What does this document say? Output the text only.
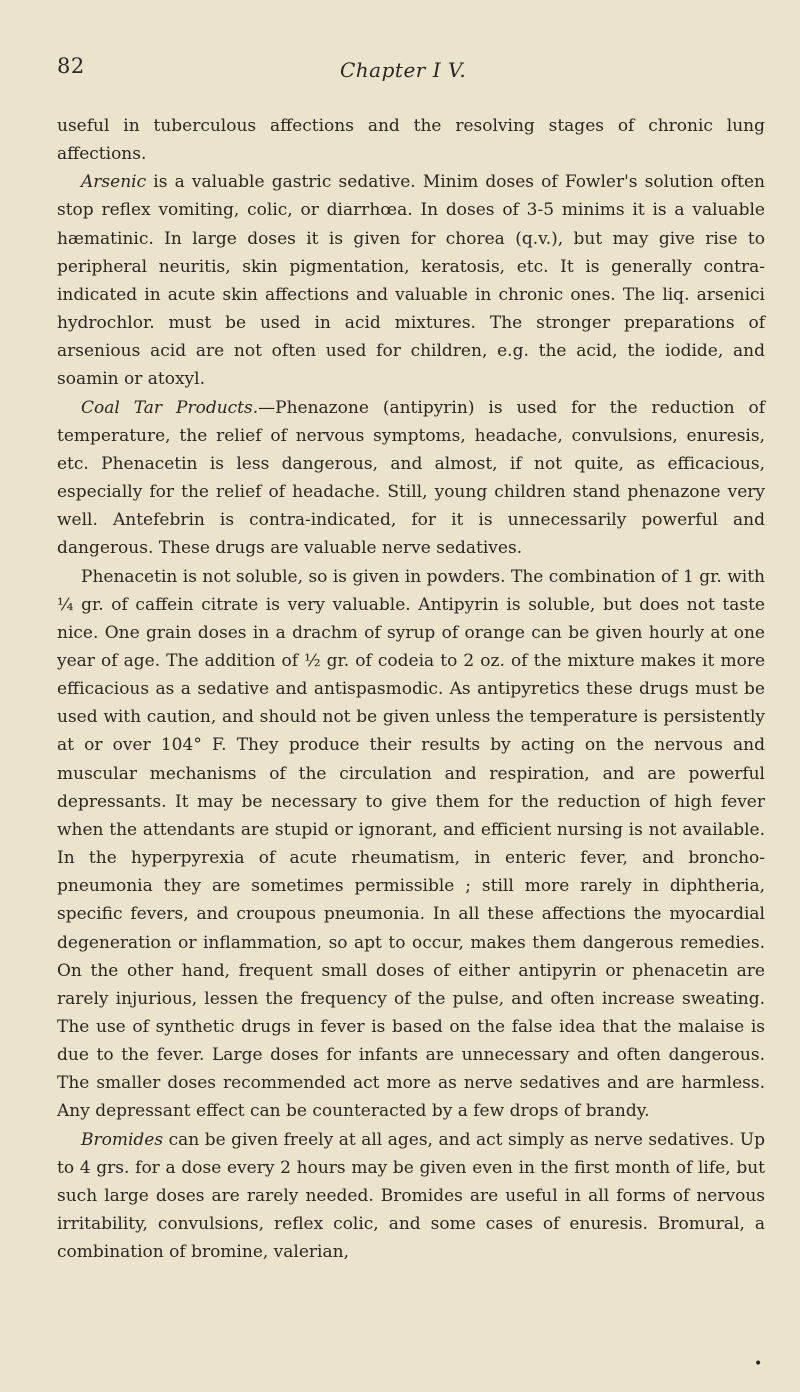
82	Chapter I V.

useful in tuberculous affections and the resolving stages of chronic lung affections.

Arsenic is a valuable gastric sedative. Minim doses of Fowler's solution often stop reflex vomiting, colic, or diarrhœa. In doses of 3-5 minims it is a valuable hæmatinic. In large doses it is given for chorea (q.v.), but may give rise to peripheral neuritis, skin pigmentation, keratosis, etc. It is generally contra-indicated in acute skin affections and valuable in chronic ones. The liq. arsenici hydrochlor. must be used in acid mixtures. The stronger preparations of arsenious acid are not often used for children, e.g. the acid, the iodide, and soamin or atoxyl.

Coal Tar Products.—Phenazone (antipyrin) is used for the reduction of temperature, the relief of nervous symptoms, headache, convulsions, enuresis, etc. Phenacetin is less dangerous, and almost, if not quite, as efficacious, especially for the relief of headache. Still, young children stand phenazone very well. Antefebrin is contra-indicated, for it is unnecessarily powerful and dangerous. These drugs are valuable nerve sedatives.

Phenacetin is not soluble, so is given in powders. The combination of 1 gr. with ¼ gr. of caffein citrate is very valuable. Antipyrin is soluble, but does not taste nice. One grain doses in a drachm of syrup of orange can be given hourly at one year of age. The addition of ½ gr. of codeia to 2 oz. of the mixture makes it more efficacious as a sedative and antispasmodic. As antipyretics these drugs must be used with caution, and should not be given unless the temperature is persistently at or over 104° F. They produce their results by acting on the nervous and muscular mechanisms of the circulation and respiration, and are powerful depressants. It may be necessary to give them for the reduction of high fever when the attendants are stupid or ignorant, and efficient nursing is not available. In the hyperpyrexia of acute rheumatism, in enteric fever, and broncho-pneumonia they are sometimes permissible ; still more rarely in diphtheria, specific fevers, and croupous pneumonia. In all these affections the myocardial degeneration or inflammation, so apt to occur, makes them dangerous remedies. On the other hand, frequent small doses of either antipyrin or phenacetin are rarely injurious, lessen the frequency of the pulse, and often increase sweating. The use of synthetic drugs in fever is based on the false idea that the malaise is due to the fever. Large doses for infants are unnecessary and often dangerous. The smaller doses recommended act more as nerve sedatives and are harmless. Any depressant effect can be counteracted by a few drops of brandy.

Bromides can be given freely at all ages, and act simply as nerve sedatives. Up to 4 grs. for a dose every 2 hours may be given even in the first month of life, but such large doses are rarely needed. Bromides are useful in all forms of nervous irritability, convulsions, reflex colic, and some cases of enuresis. Bromural, a combination of bromine, valerian,

•
